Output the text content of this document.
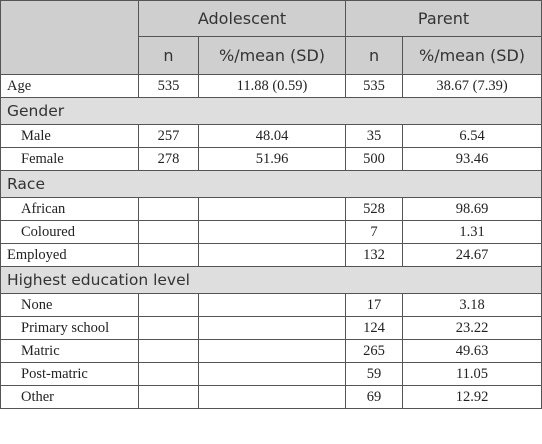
	Adolescent		Parent	
	n	%/mean (SD)	n	%/mean (SD)
Age	535	11.88 (0.59)	535	38.67 (7.39)
Gender				
Male	257	48.04	35	6.54
Female	278	51.96	500	93.46
Race				
African			528	98.69
Coloured			7	1.31
Employed			132	24.67
Highest education level				
None			17	3.18
Primary school			124	23.22
Matric			265	49.63
Post-matric			59	11.05
Other			69	12.92
